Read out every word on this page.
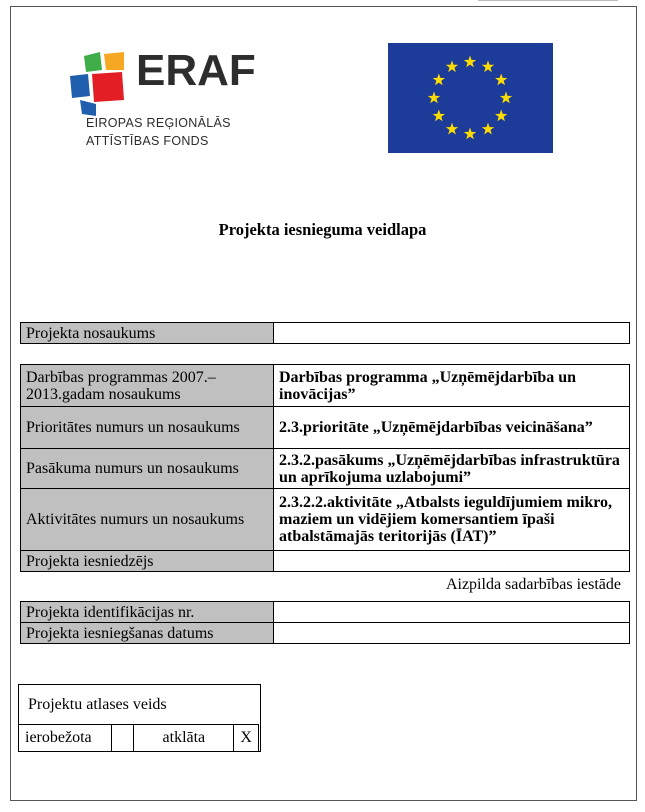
ERAF
EIROPAS REĢIONĀLĀS
ATTĪSTĪBAS FONDS
Projekta iesnieguma veidlapa
Projekta nosaukums	
Darbības programmas 2007.–2013.gadam nosaukums	Darbības programma „Uzņēmējdarbība un inovācijas”
Prioritātes numurs un nosaukums	2.3.prioritāte „Uzņēmējdarbības veicināšana”
Pasākuma numurs un nosaukums	2.3.2.pasākums „Uzņēmējdarbības infrastruktūra un aprīkojuma uzlabojumi”
Aktivitātes numurs un nosaukums	2.3.2.2.aktivitāte „Atbalsts ieguldījumiem mikro, maziem un vidējiem komersantiem īpaši atbalstāmajās teritorijās (ĪAT)”
Projekta iesniedzējs	
Aizpilda sadarbības iestāde
Projekta identifikācijas nr.	
Projekta iesniegšanas datums	
Projektu atlases veids
ierobežota		atklāta	X
